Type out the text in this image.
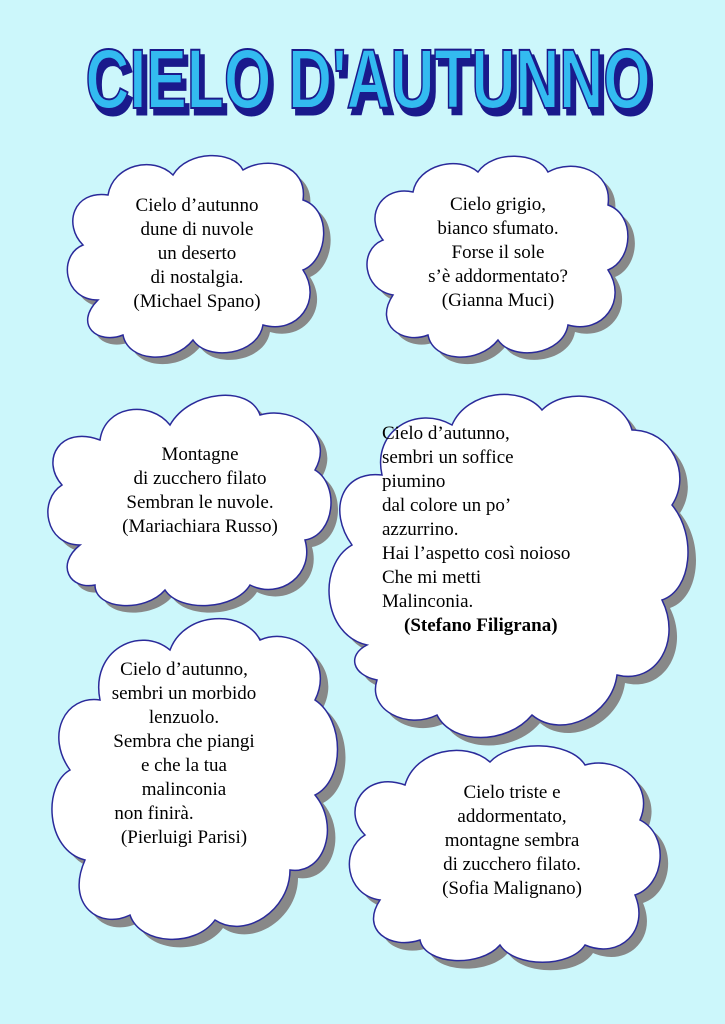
CIELO D'AUTUNNO
CIELO D'AUTUNNO
Cielo d’autunno
dune di nuvole
un deserto
di nostalgia.
(Michael Spano)
Cielo grigio,
bianco sfumato.
Forse il sole
s’è addormentato?
(Gianna Muci)
Montagne
di zucchero filato
Sembran le nuvole.
(Mariachiara Russo)
Cielo d’autunno,
sembri un soffice
piumino
dal colore un po’
azzurrino.
Hai l’aspetto così noioso
Che mi metti
Malinconia.
(Stefano Filigrana)
Cielo d’autunno,
sembri un morbido
lenzuolo.
Sembra che piangi
e che la tua
malinconia
non finirà.
(Pierluigi Parisi)
Cielo triste e
addormentato,
montagne sembra
di zucchero filato.
(Sofia Malignano)
